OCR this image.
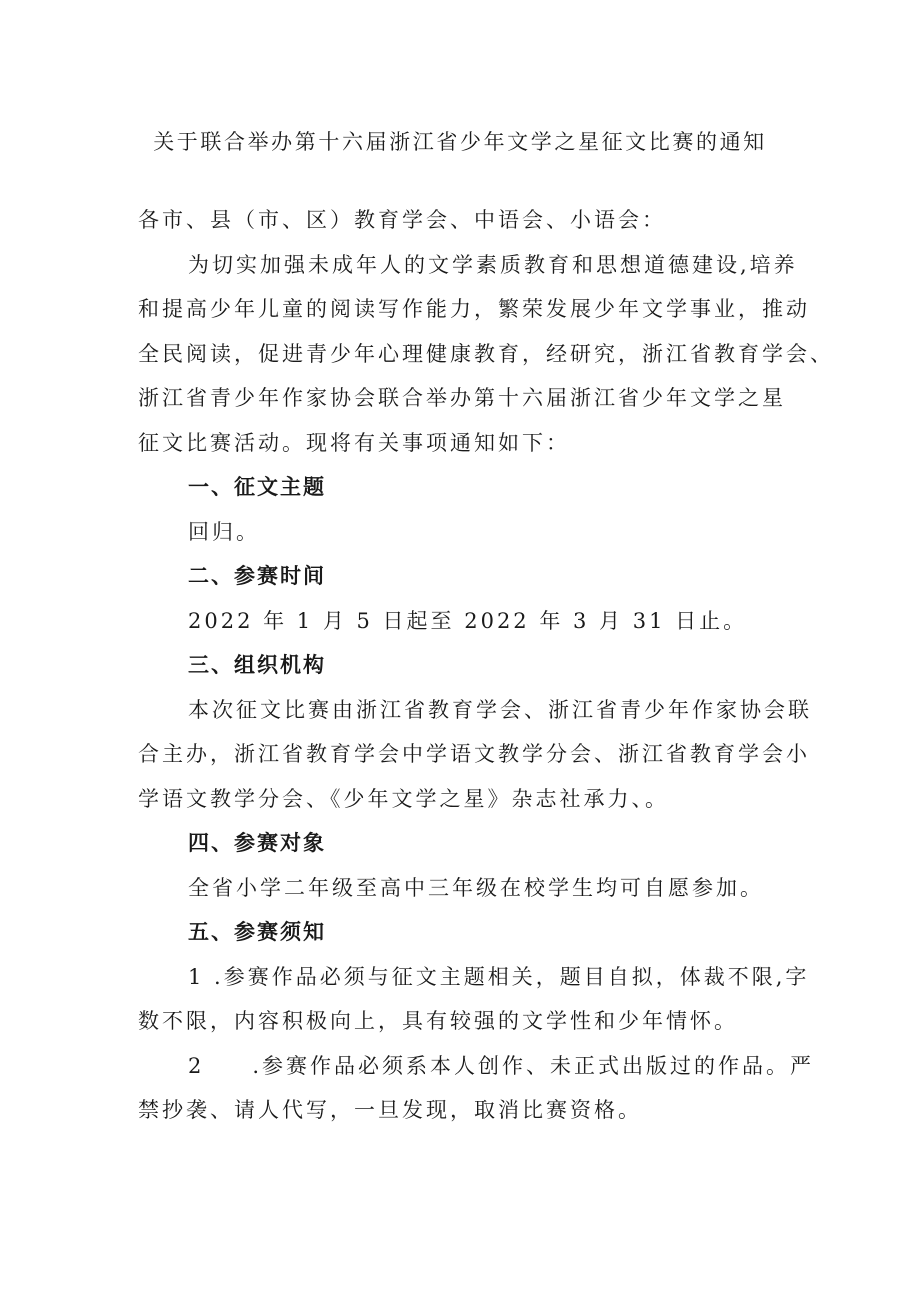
关于联合举办第十六届浙江省少年文学之星征文比赛的通知

各市、县（市、区）教育学会、中语会、小语会：

为切实加强未成年人的文学素质教育和思想道德建设,培养

和提高少年儿童的阅读写作能力，繁荣发展少年文学事业，推动

全民阅读，促进青少年心理健康教育，经研究，浙江省教育学会、

浙江省青少年作家协会联合举办第十六届浙江省少年文学之星

征文比赛活动。现将有关事项通知如下：

一、征文主题

回归。

二、参赛时间

2022 年 1 月 5 日起至 2022 年 3 月 31 日止。

三、组织机构

本次征文比赛由浙江省教育学会、浙江省青少年作家协会联

合主办，浙江省教育学会中学语文教学分会、浙江省教育学会小

学语文教学分会、《少年文学之星》杂志社承力、。

四、参赛对象

全省小学二年级至高中三年级在校学生均可自愿参加。

五、参赛须知

1 .参赛作品必须与征文主题相关，题目自拟，体裁不限,字

数不限，内容积极向上，具有较强的文学性和少年情怀。

2　　.参赛作品必须系本人创作、未正式出版过的作品。严

禁抄袭、请人代写，一旦发现，取消比赛资格。
